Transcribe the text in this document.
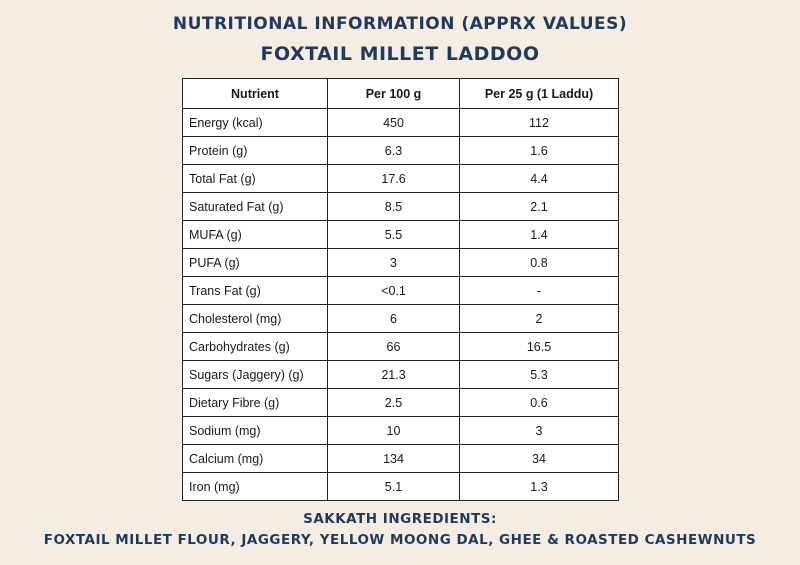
NUTRITIONAL INFORMATION (APPRX VALUES)
FOXTAIL MILLET LADDOO
Nutrient	Per 100 g	Per 25 g (1 Laddu)
Energy (kcal)	450	112
Protein (g)	6.3	1.6
Total Fat (g)	17.6	4.4
Saturated Fat (g)	8.5	2.1
MUFA (g)	5.5	1.4
PUFA (g)	3	0.8
Trans Fat (g)	<0.1	-
Cholesterol (mg)	6	2
Carbohydrates (g)	66	16.5
Sugars (Jaggery) (g)	21.3	5.3
Dietary Fibre (g)	2.5	0.6
Sodium (mg)	10	3
Calcium (mg)	134	34
Iron (mg)	5.1	1.3
SAKKATH INGREDIENTS:
FOXTAIL MILLET FLOUR, JAGGERY, YELLOW MOONG DAL, GHEE & ROASTED CASHEWNUTS
